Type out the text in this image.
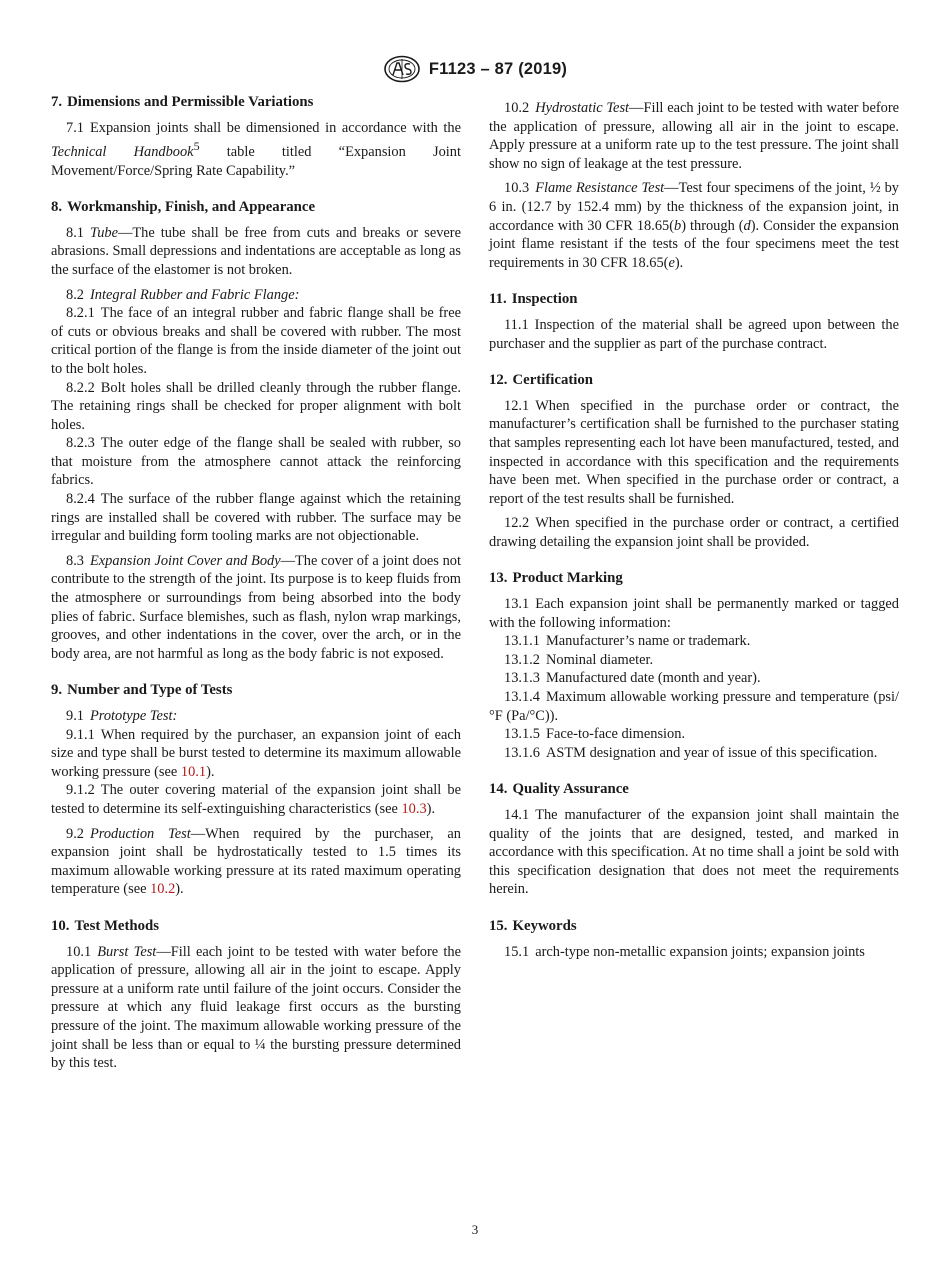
F1123 – 87 (2019)
7. Dimensions and Permissible Variations

7.1 Expansion joints shall be dimensioned in accordance with the Technical Handbook$^5$ table titled “Expansion Joint Movement/Force/Spring Rate Capability.”

8. Workmanship, Finish, and Appearance

8.1 Tube—The tube shall be free from cuts and breaks or severe abrasions. Small depressions and indentations are acceptable as long as the surface of the elastomer is not broken.

8.2 Integral Rubber and Fabric Flange:

8.2.1 The face of an integral rubber and fabric flange shall be free of cuts or obvious breaks and shall be covered with rubber. The most critical portion of the flange is from the inside diameter of the joint out to the bolt holes.

8.2.2 Bolt holes shall be drilled cleanly through the rubber flange. The retaining rings shall be checked for proper alignment with bolt holes.

8.2.3 The outer edge of the flange shall be sealed with rubber, so that moisture from the atmosphere cannot attack the reinforcing fabrics.

8.2.4 The surface of the rubber flange against which the retaining rings are installed shall be covered with rubber. The surface may be irregular and building form tooling marks are not objectionable.

8.3 Expansion Joint Cover and Body—The cover of a joint does not contribute to the strength of the joint. Its purpose is to keep fluids from the atmosphere or surroundings from being absorbed into the body plies of fabric. Surface blemishes, such as flash, nylon wrap markings, grooves, and other indentations in the cover, over the arch, or in the body area, are not harmful as long as the body fabric is not exposed.

9. Number and Type of Tests

9.1 Prototype Test:

9.1.1 When required by the purchaser, an expansion joint of each size and type shall be burst tested to determine its maximum allowable working pressure (see 10.1).

9.1.2 The outer covering material of the expansion joint shall be tested to determine its self-extinguishing characteristics (see 10.3).

9.2 Production Test—When required by the purchaser, an expansion joint shall be hydrostatically tested to 1.5 times its maximum allowable working pressure at its rated maximum operating temperature (see 10.2).

10. Test Methods

10.1 Burst Test—Fill each joint to be tested with water before the application of pressure, allowing all air in the joint to escape. Apply pressure at a uniform rate until failure of the joint occurs. Consider the pressure at which any fluid leakage first occurs as the bursting pressure of the joint. The maximum allowable working pressure of the joint shall be less than or equal to ¼ the bursting pressure determined by this test.

10.2 Hydrostatic Test—Fill each joint to be tested with water before the application of pressure, allowing all air in the joint to escape. Apply pressure at a uniform rate up to the test pressure. The joint shall show no sign of leakage at the test pressure.

10.3 Flame Resistance Test—Test four specimens of the joint, ½ by 6 in. (12.7 by 152.4 mm) by the thickness of the expansion joint, in accordance with 30 CFR 18.65(b) through (d). Consider the expansion joint flame resistant if the tests of the four specimens meet the test requirements in 30 CFR 18.65(e).

11. Inspection

11.1 Inspection of the material shall be agreed upon between the purchaser and the supplier as part of the purchase contract.

12. Certification

12.1 When specified in the purchase order or contract, the manufacturer’s certification shall be furnished to the purchaser stating that samples representing each lot have been manufactured, tested, and inspected in accordance with this specification and the requirements have been met. When specified in the purchase order or contract, a report of the test results shall be furnished.

12.2 When specified in the purchase order or contract, a certified drawing detailing the expansion joint shall be provided.

13. Product Marking

13.1 Each expansion joint shall be permanently marked or tagged with the following information:

13.1.1 Manufacturer’s name or trademark.

13.1.2 Nominal diameter.

13.1.3 Manufactured date (month and year).

13.1.4 Maximum allowable working pressure and temperature (psi/°F (Pa/°C)).

13.1.5 Face-to-face dimension.

13.1.6 ASTM designation and year of issue of this specification.

14. Quality Assurance

14.1 The manufacturer of the expansion joint shall maintain the quality of the joints that are designed, tested, and marked in accordance with this specification. At no time shall a joint be sold with this specification designation that does not meet the requirements herein.

15. Keywords

15.1 arch-type non-metallic expansion joints; expansion joints

3
